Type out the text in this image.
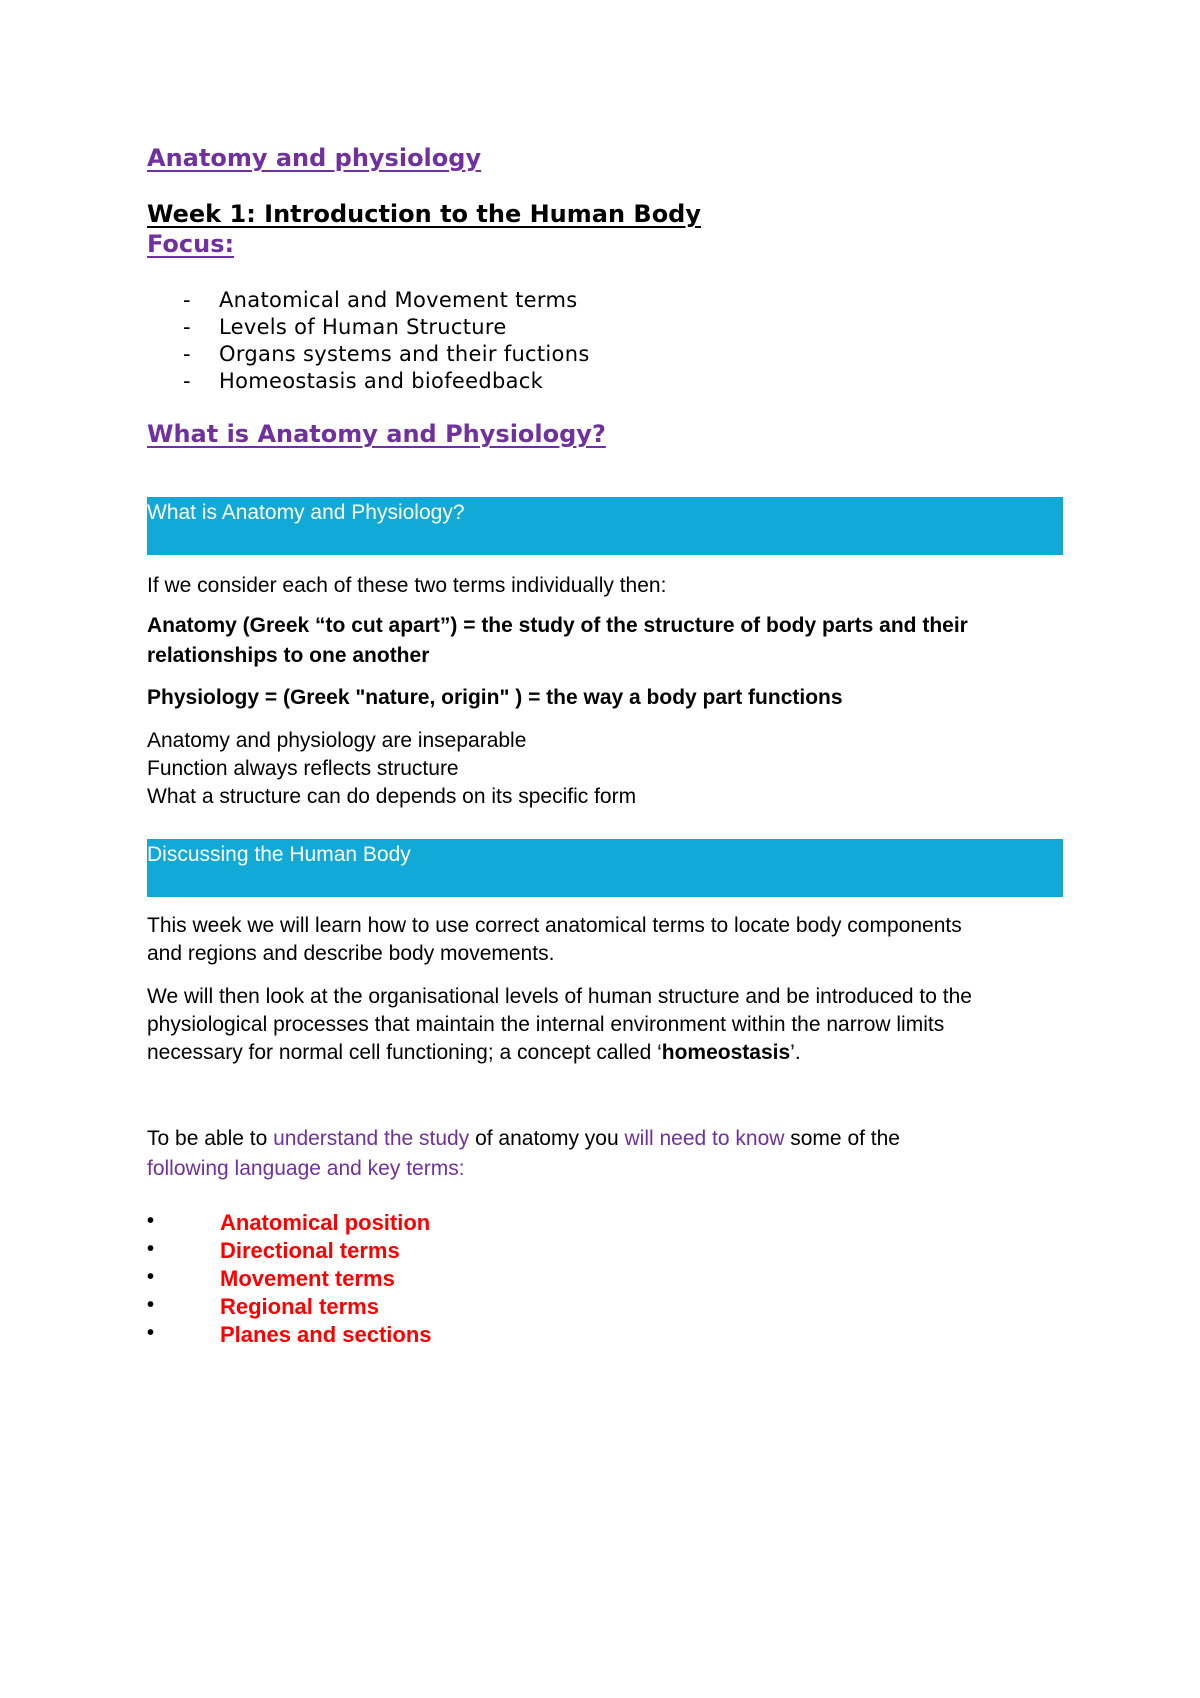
Anatomy and physiology
Week 1: Introduction to the Human Body
Focus:
- Anatomical and Movement terms
- Levels of Human Structure
- Organs systems and their fuctions
- Homeostasis and biofeedback
What is Anatomy and Physiology?
What is Anatomy and Physiology?
If we consider each of these two terms individually then:
Anatomy (Greek “to cut apart”) = the study of the structure of body parts and their
relationships to one another
Physiology = (Greek "nature, origin" ) = the way a body part functions
Anatomy and physiology are inseparable
Function always reflects structure
What a structure can do depends on its specific form
Discussing the Human Body
This week we will learn how to use correct anatomical terms to locate body components
and regions and describe body movements.
We will then look at the organisational levels of human structure and be introduced to the
physiological processes that maintain the internal environment within the narrow limits
necessary for normal cell functioning; a concept called ‘homeostasis’.
To be able to understand the study of anatomy you will need to know some of the
following language and key terms:
•	Anatomical position
•	Directional terms
•	Movement terms
•	Regional terms
•	Planes and sections
